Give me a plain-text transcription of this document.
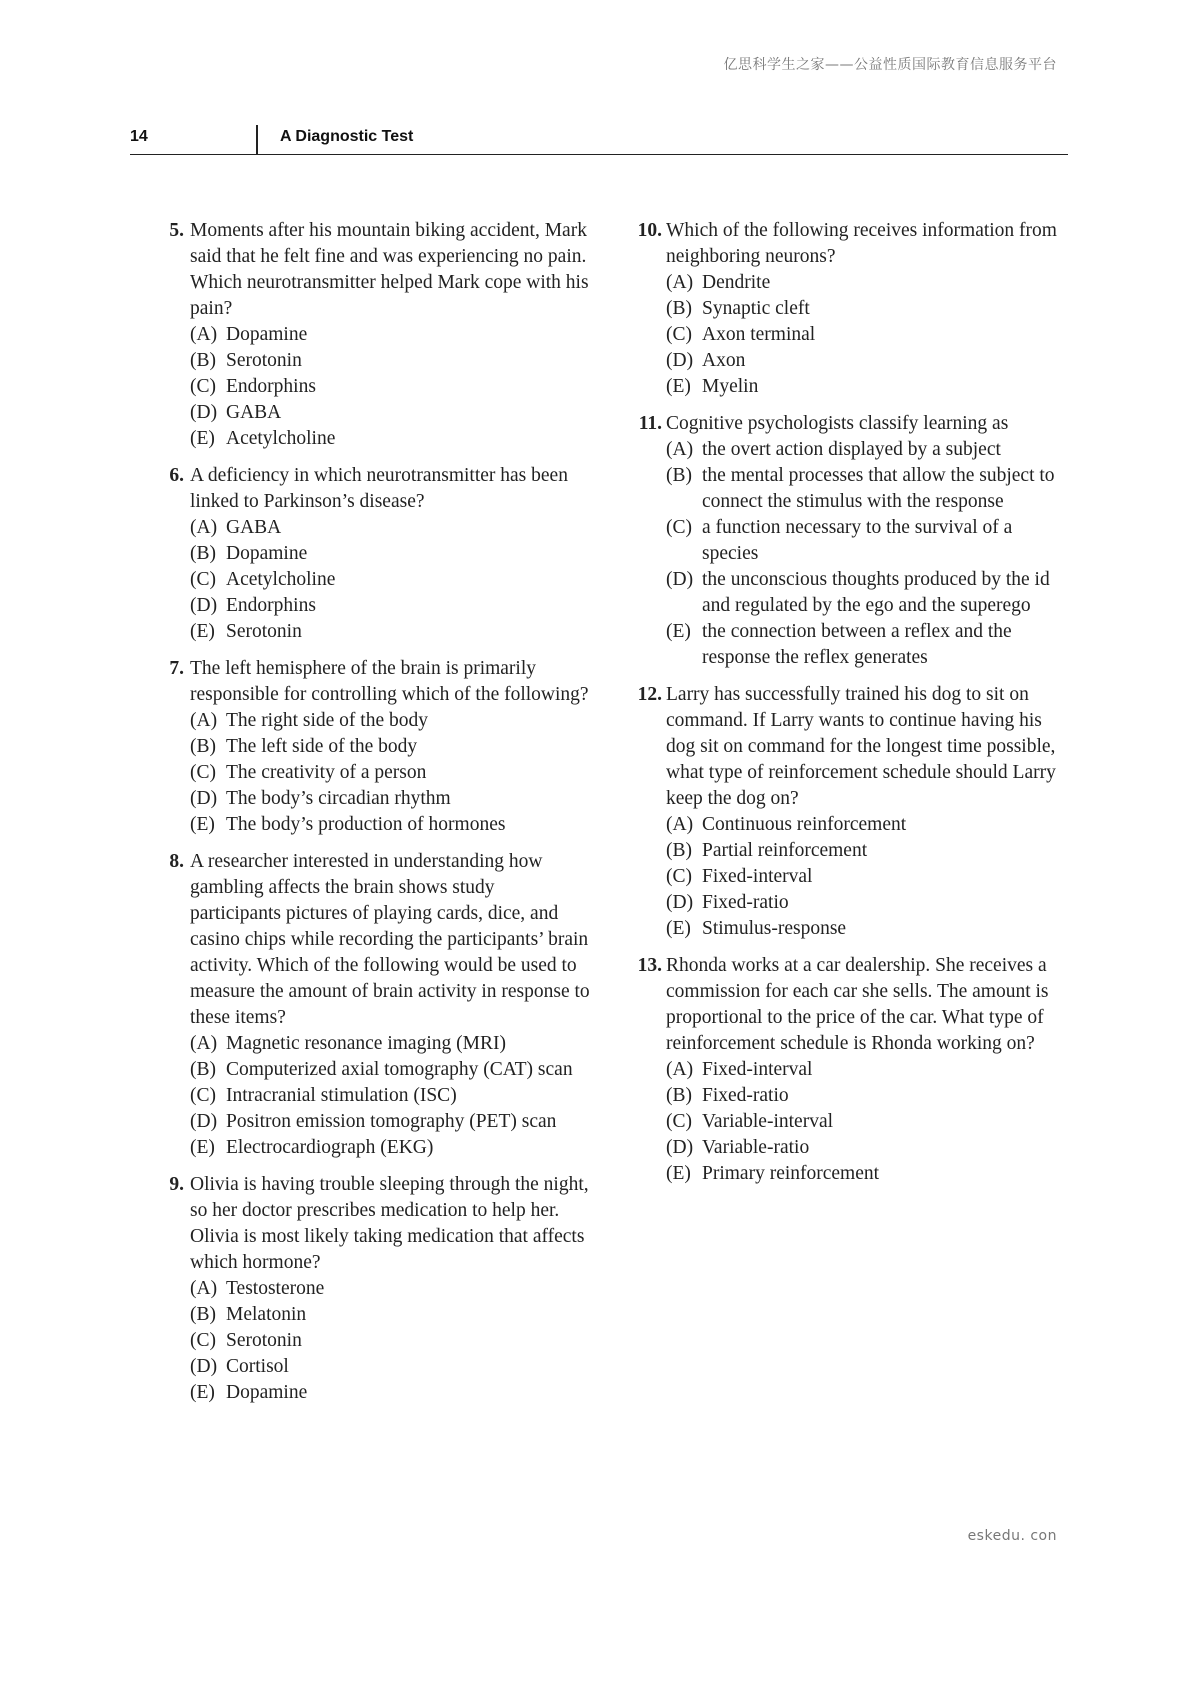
亿思科学生之家——公益性质国际教育信息服务平台
14	A Diagnostic Test
5. Moments after his mountain biking accident, Mark said that he felt fine and was experiencing no pain. Which neurotransmitter helped Mark cope with his pain?
(A) Dopamine
(B) Serotonin
(C) Endorphins
(D) GABA
(E) Acetylcholine
6. A deficiency in which neurotransmitter has been linked to Parkinson’s disease?
(A) GABA
(B) Dopamine
(C) Acetylcholine
(D) Endorphins
(E) Serotonin
7. The left hemisphere of the brain is primarily responsible for controlling which of the following?
(A) The right side of the body
(B) The left side of the body
(C) The creativity of a person
(D) The body’s circadian rhythm
(E) The body’s production of hormones
8. A researcher interested in understanding how gambling affects the brain shows study participants pictures of playing cards, dice, and casino chips while recording the participants’ brain activity. Which of the following would be used to measure the amount of brain activity in response to these items?
(A) Magnetic resonance imaging (MRI)
(B) Computerized axial tomography (CAT) scan
(C) Intracranial stimulation (ISC)
(D) Positron emission tomography (PET) scan
(E) Electrocardiograph (EKG)
9. Olivia is having trouble sleeping through the night, so her doctor prescribes medication to help her. Olivia is most likely taking medication that affects which hormone?
(A) Testosterone
(B) Melatonin
(C) Serotonin
(D) Cortisol
(E) Dopamine
10. Which of the following receives information from neighboring neurons?
(A) Dendrite
(B) Synaptic cleft
(C) Axon terminal
(D) Axon
(E) Myelin
11. Cognitive psychologists classify learning as
(A) the overt action displayed by a subject
(B) the mental processes that allow the subject to connect the stimulus with the response
(C) a function necessary to the survival of a species
(D) the unconscious thoughts produced by the id and regulated by the ego and the superego
(E) the connection between a reflex and the response the reflex generates
12. Larry has successfully trained his dog to sit on command. If Larry wants to continue having his dog sit on command for the longest time possible, what type of reinforcement schedule should Larry keep the dog on?
(A) Continuous reinforcement
(B) Partial reinforcement
(C) Fixed-interval
(D) Fixed-ratio
(E) Stimulus-response
13. Rhonda works at a car dealership. She receives a commission for each car she sells. The amount is proportional to the price of the car. What type of reinforcement schedule is Rhonda working on?
(A) Fixed-interval
(B) Fixed-ratio
(C) Variable-interval
(D) Variable-ratio
(E) Primary reinforcement
eskedu. con
